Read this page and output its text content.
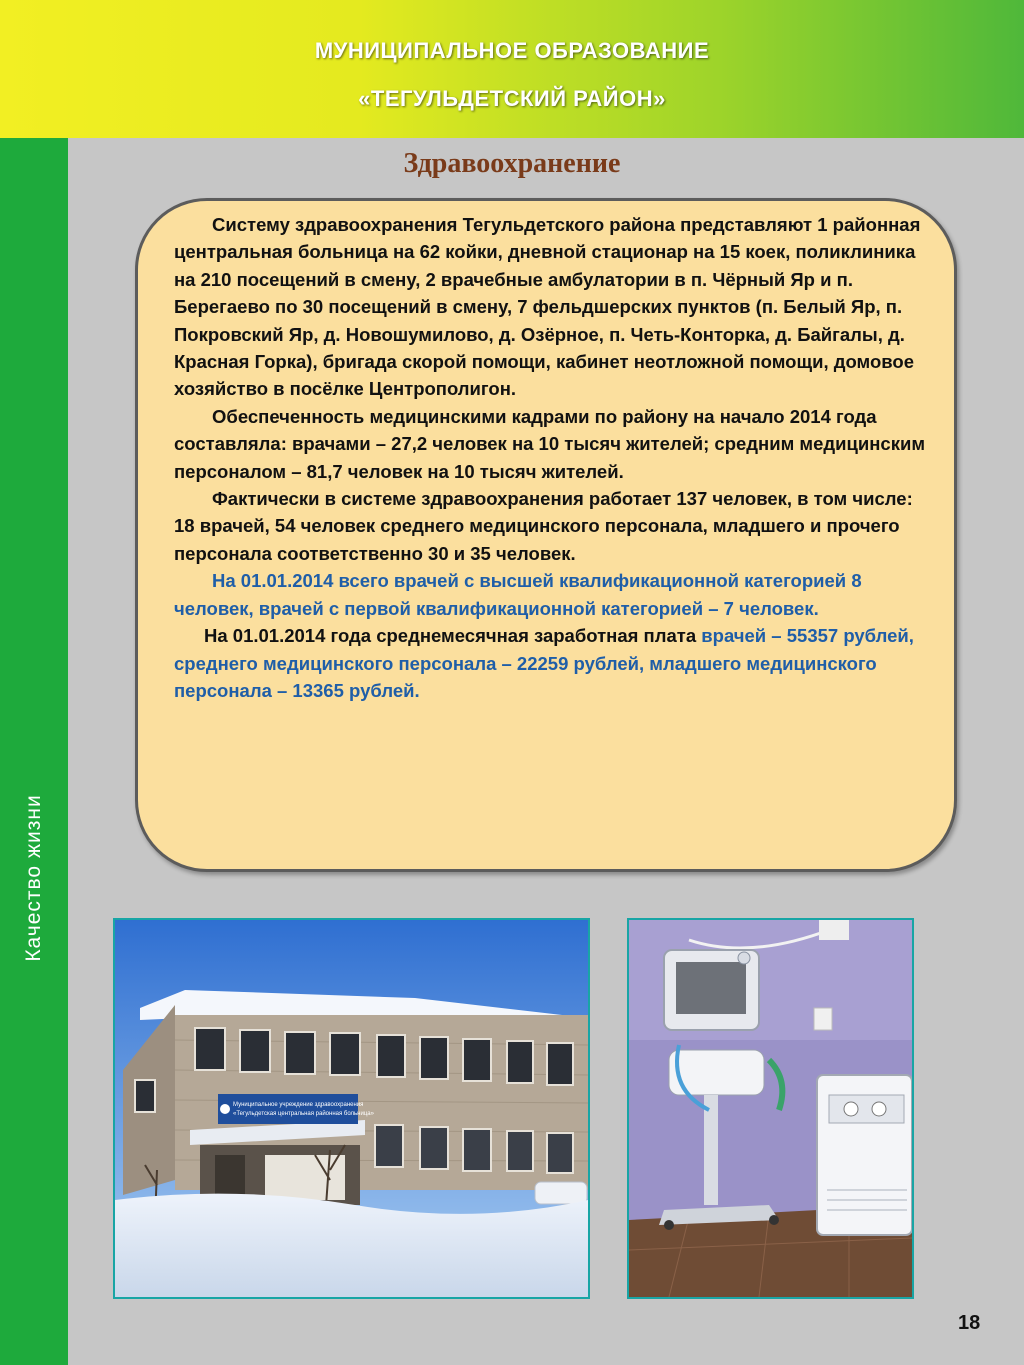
МУНИЦИПАЛЬНОЕ ОБРАЗОВАНИЕ
«ТЕГУЛЬДЕТСКИЙ РАЙОН»
Качество жизни
Здравоохранение

Систему здравоохранения Тегульдетского района представляют 1 районная центральная больница на 62 койки, дневной стационар на 15 коек, поликлиника на 210 посещений в смену, 2 врачебные амбулатории в п. Чёрный Яр и п. Берегаево по 30 посещений в смену, 7 фельдшерских пунктов (п. Белый Яр, п. Покровский Яр, д. Новошумилово, д. Озёрное, п. Четь-Конторка, д. Байгалы, д. Красная Горка), бригада скорой помощи, кабинет неотложной помощи, домовое хозяйство в посёлке Центрополигон.

Обеспеченность медицинскими кадрами по району на начало 2014 года составляла: врачами – 27,2 человек на 10 тысяч жителей; средним медицинским персоналом – 81,7 человек на 10 тысяч жителей.

Фактически в системе здравоохранения работает 137 человек, в том числе: 18 врачей, 54 человек среднего медицинского персонала, младшего и прочего персонала соответственно 30 и 35 человек.

На 01.01.2014 всего врачей с высшей квалификационной категорией 8 человек, врачей с первой квалификационной категорией – 7 человек.

На 01.01.2014 года среднемесячная заработная плата врачей – 55357 рублей, среднего медицинского персонала – 22259 рублей, младшего медицинского персонала – 13365 рублей.

Муниципальное учреждение здравоохранения
«Тегульдетская центральная районная больница»
18
